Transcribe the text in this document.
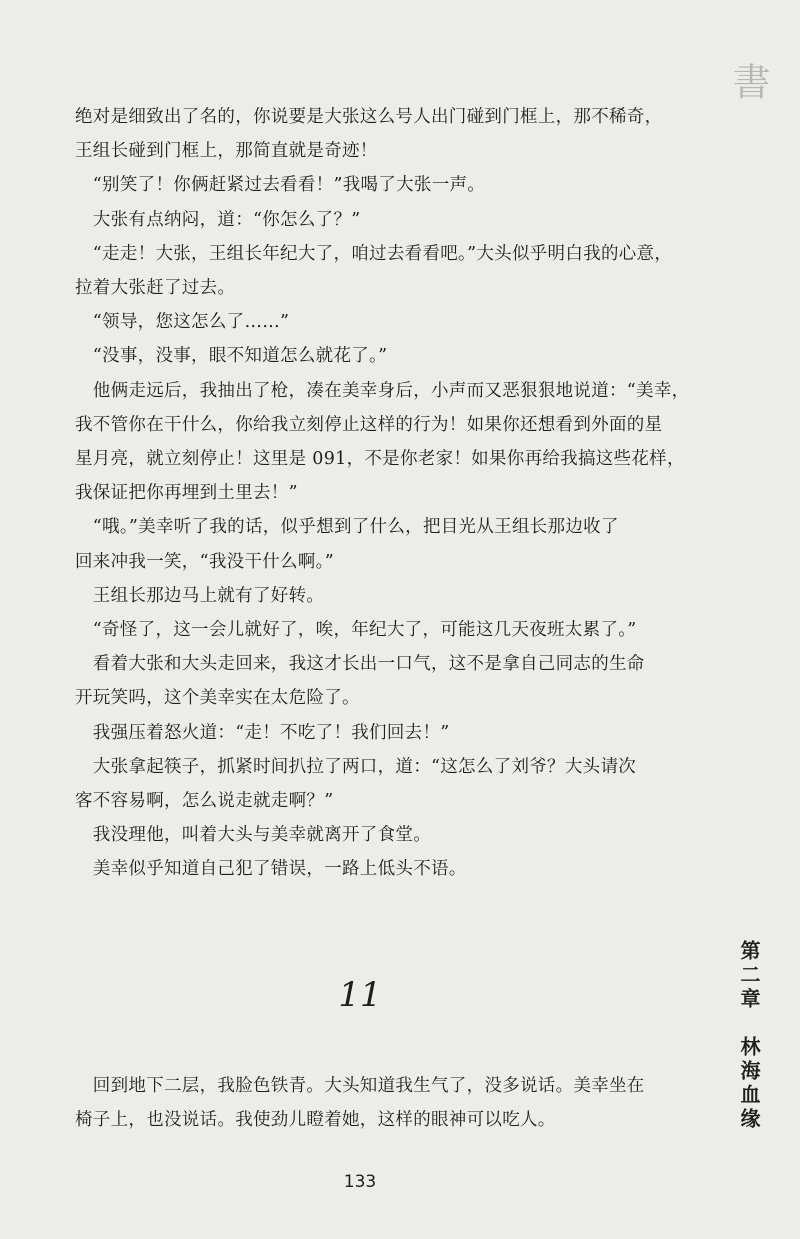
書

绝对是细致出了名的，你说要是大张这么号人出门碰到门框上，那不稀奇，

王组长碰到门框上，那简直就是奇迹！

　“别笑了！你俩赶紧过去看看！”我喝了大张一声。

　大张有点纳闷，道：“你怎么了？”

　“走走！大张，王组长年纪大了，咱过去看看吧。”大头似乎明白我的心意，

拉着大张赶了过去。

　“领导，您这怎么了……”

　“没事，没事，眼不知道怎么就花了。”

　他俩走远后，我抽出了枪，凑在美幸身后，小声而又恶狠狠地说道：“美幸，

我不管你在干什么，你给我立刻停止这样的行为！如果你还想看到外面的星

星月亮，就立刻停止！这里是 091，不是你老家！如果你再给我搞这些花样，

我保证把你再埋到土里去！”

　“哦。”美幸听了我的话，似乎想到了什么，把目光从王组长那边收了

回来冲我一笑，“我没干什么啊。”

　王组长那边马上就有了好转。

　“奇怪了，这一会儿就好了，唉，年纪大了，可能这几天夜班太累了。”

　看着大张和大头走回来，我这才长出一口气，这不是拿自己同志的生命

开玩笑吗，这个美幸实在太危险了。

　我强压着怒火道：“走！不吃了！我们回去！”

　大张拿起筷子，抓紧时间扒拉了两口，道：“这怎么了刘爷？大头请次

客不容易啊，怎么说走就走啊？”

　我没理他，叫着大头与美幸就离开了食堂。

　美幸似乎知道自己犯了错误，一路上低头不语。

11

　回到地下二层，我脸色铁青。大头知道我生气了，没多说话。美幸坐在

椅子上，也没说话。我使劲儿瞪着她，这样的眼神可以吃人。	第二章　林海血缘
133
